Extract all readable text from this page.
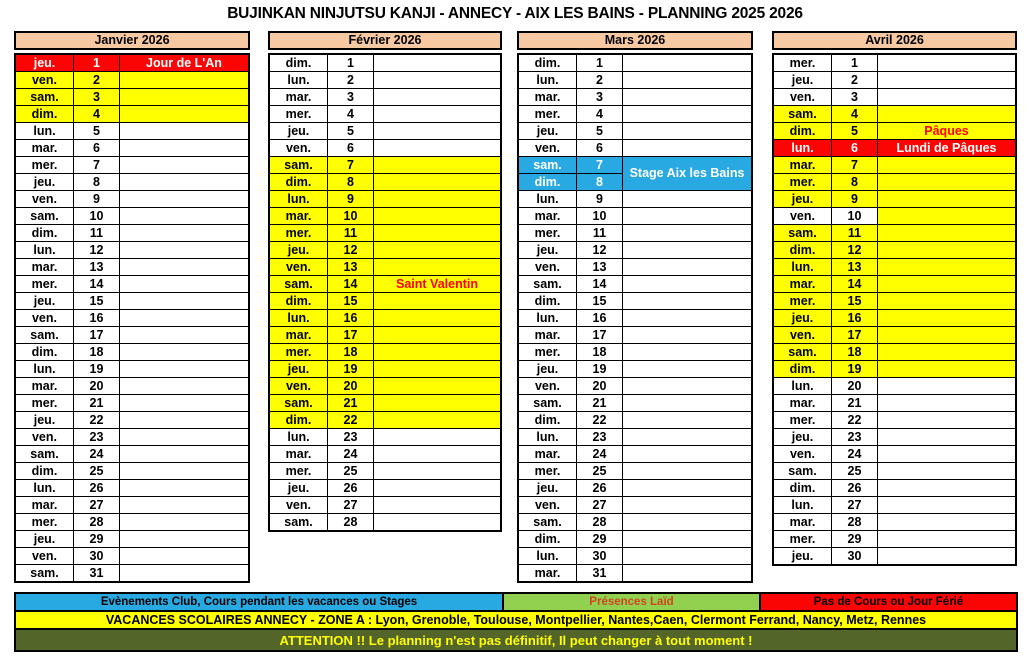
BUJINKAN NINJUTSU KANJI - ANNECY - AIX LES BAINS - PLANNING 2025 2026
Janvier 2026
jeu.	1	Jour de L'An
ven.	2	
sam.	3	
dim.	4	
lun.	5	
mar.	6	
mer.	7	
jeu.	8	
ven.	9	
sam.	10	
dim.	11	
lun.	12	
mar.	13	
mer.	14	
jeu.	15	
ven.	16	
sam.	17	
dim.	18	
lun.	19	
mar.	20	
mer.	21	
jeu.	22	
ven.	23	
sam.	24	
dim.	25	
lun.	26	
mar.	27	
mer.	28	
jeu.	29	
ven.	30	
sam.	31	
Février 2026
dim.	1	
lun.	2	
mar.	3	
mer.	4	
jeu.	5	
ven.	6	
sam.	7	
dim.	8	
lun.	9	
mar.	10	
mer.	11	
jeu.	12	
ven.	13	
sam.	14	Saint Valentin
dim.	15	
lun.	16	
mar.	17	
mer.	18	
jeu.	19	
ven.	20	
sam.	21	
dim.	22	
lun.	23	
mar.	24	
mer.	25	
jeu.	26	
ven.	27	
sam.	28	
Mars 2026
dim.	1	
lun.	2	
mar.	3	
mer.	4	
jeu.	5	
ven.	6	
sam.	7	Stage Aix les Bains
dim.	8	
lun.	9	
mar.	10	
mer.	11	
jeu.	12	
ven.	13	
sam.	14	
dim.	15	
lun.	16	
mar.	17	
mer.	18	
jeu.	19	
ven.	20	
sam.	21	
dim.	22	
lun.	23	
mar.	24	
mer.	25	
jeu.	26	
ven.	27	
sam.	28	
dim.	29	
lun.	30	
mar.	31	
Avril 2026
mer.	1	
jeu.	2	
ven.	3	
sam.	4	
dim.	5	Pâques
lun.	6	Lundi de Pâques
mar.	7	
mer.	8	
jeu.	9	
ven.	10	
sam.	11	
dim.	12	
lun.	13	
mar.	14	
mer.	15	
jeu.	16	
ven.	17	
sam.	18	
dim.	19	
lun.	20	
mar.	21	
mer.	22	
jeu.	23	
ven.	24	
sam.	25	
dim.	26	
lun.	27	
mar.	28	
mer.	29	
jeu.	30	
Evènements Club, Cours pendant les vacances ou Stages	Présences Laïd	Pas de Cours ou Jour Férié
VACANCES SCOLAIRES ANNECY - ZONE A : Lyon, Grenoble, Toulouse, Montpellier, Nantes,Caen, Clermont Ferrand, Nancy, Metz, Rennes
ATTENTION !! Le planning n'est pas définitif, Il peut changer à tout moment !
